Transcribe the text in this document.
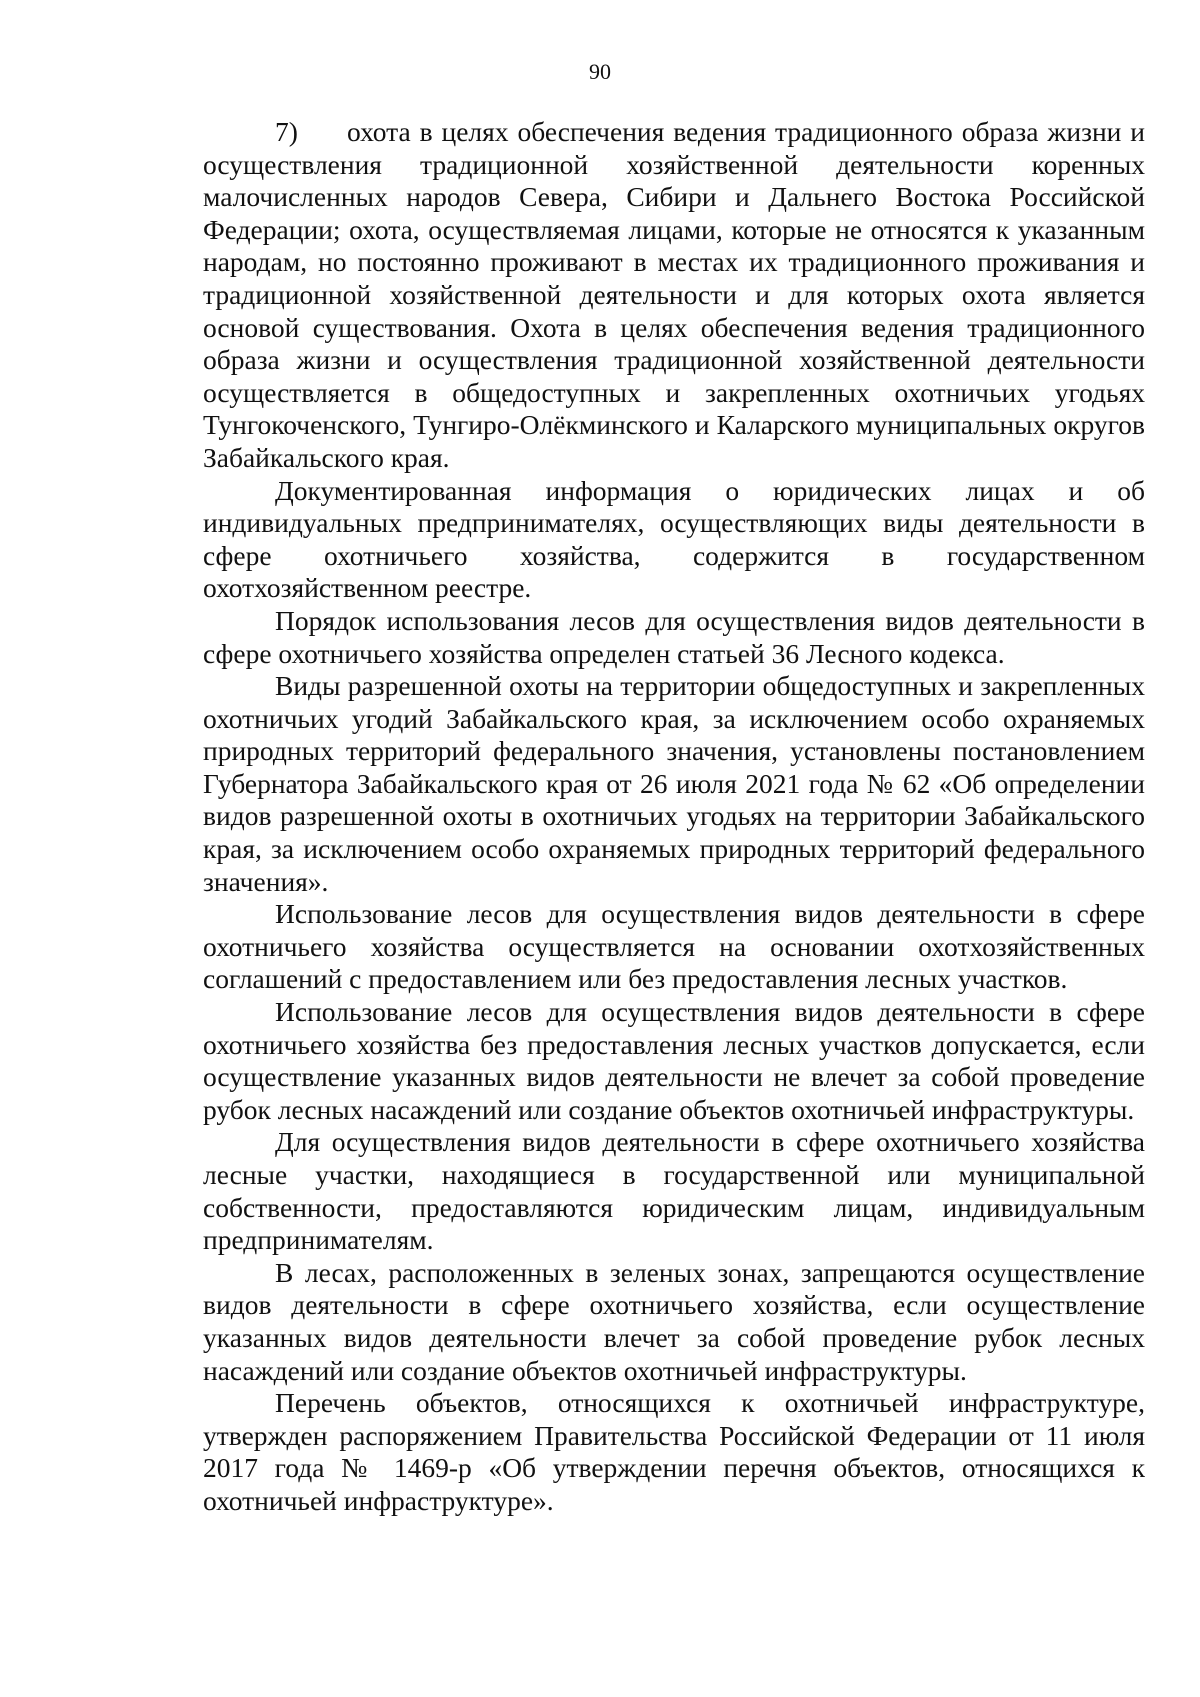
90

7) охота в целях обеспечения ведения традиционного образа жизни и осуществления традиционной хозяйственной деятельности коренных малочисленных народов Севера, Сибири и Дальнего Востока Российской Федерации; охота, осуществляемая лицами, которые не относятся к указанным народам, но постоянно проживают в местах их традиционного проживания и традиционной хозяйственной деятельности и для которых охота является основой существования. Охота в целях обеспечения ведения традиционного образа жизни и осуществления традиционной хозяйственной деятельности осуществляется в общедоступных и закрепленных охотничьих угодьях Тунгокоченского, Тунгиро-Олёкминского и Каларского муниципальных округов Забайкальского края.

Документированная информация о юридических лицах и об индивидуальных предпринимателях, осуществляющих виды деятельности в сфере охотничьего хозяйства, содержится в государственном охотхозяйственном реестре.

Порядок использования лесов для осуществления видов деятельности в сфере охотничьего хозяйства определен статьей 36 Лесного кодекса.

Виды разрешенной охоты на территории общедоступных и закрепленных охотничьих угодий Забайкальского края, за исключением особо охраняемых природных территорий федерального значения, установлены постановлением Губернатора Забайкальского края от 26 июля 2021 года № 62 «Об определении видов разрешенной охоты в охотничьих угодьях на территории Забайкальского края, за исключением особо охраняемых природных территорий федерального значения».

Использование лесов для осуществления видов деятельности в сфере охотничьего хозяйства осуществляется на основании охотхозяйственных соглашений с предоставлением или без предоставления лесных участков.

Использование лесов для осуществления видов деятельности в сфере охотничьего хозяйства без предоставления лесных участков допускается, если осуществление указанных видов деятельности не влечет за собой проведение рубок лесных насаждений или создание объектов охотничьей инфраструктуры.

Для осуществления видов деятельности в сфере охотничьего хозяйства лесные участки, находящиеся в государственной или муниципальной собственности, предоставляются юридическим лицам, индивидуальным предпринимателям.

В лесах, расположенных в зеленых зонах, запрещаются осуществление видов деятельности в сфере охотничьего хозяйства, если осуществление указанных видов деятельности влечет за собой проведение рубок лесных насаждений или создание объектов охотничьей инфраструктуры.

Перечень объектов, относящихся к охотничьей инфраструктуре, утвержден распоряжением Правительства Российской Федерации от 11 июля 2017 года № 1469-р «Об утверждении перечня объектов, относящихся к охотничьей инфраструктуре».
